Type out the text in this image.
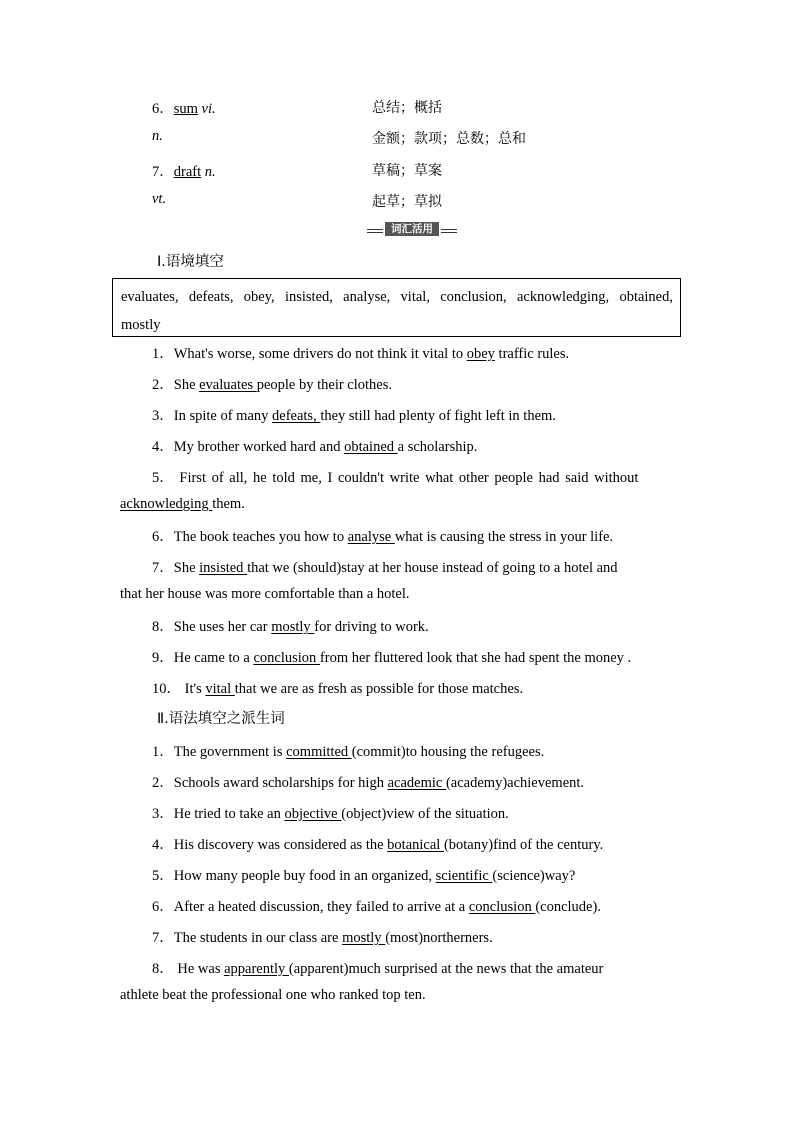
6．sum vi.	总结；概括
n.	金额；款项；总数；总和
7．draft n.	草稿；草案
vt.	起草；草拟
词汇活用
Ⅰ.语境填空
evaluates, defeats, obey, insisted, analyse, vital, conclusion, acknowledging, obtained, mostly
1．What's worse, some drivers do not think it vital to obey traffic rules.
2．She evaluates people by their clothes.
3．In spite of many defeats, they still had plenty of fight left in them.
4．My brother worked hard and obtained a scholarship.
5． First of all, he told me, I couldn't write what other people had said without
acknowledging them.
6．The book teaches you how to analyse what is causing the stress in your life.
7．She insisted that we (should)stay at her house instead of going to a hotel and
that her house was more comfortable than a hotel.
8．She uses her car mostly for driving to work.
9．He came to a conclusion from her fluttered look that she had spent the money .
10． It's vital that we are as fresh as possible for those matches.
Ⅱ.语法填空之派生词
1．The government is committed (commit)to housing the refugees.
2．Schools award scholarships for high academic (academy)achievement.
3．He tried to take an objective (object)view of the situation.
4．His discovery was considered as the botanical (botany)find of the century.
5．How many people buy food in an organized, scientific (science)way?
6．After a heated discussion, they failed to arrive at a conclusion (conclude).
7．The students in our class are mostly (most)northerners.
8． He was apparently (apparent)much surprised at the news that the amateur
athlete beat the professional one who ranked top ten.
